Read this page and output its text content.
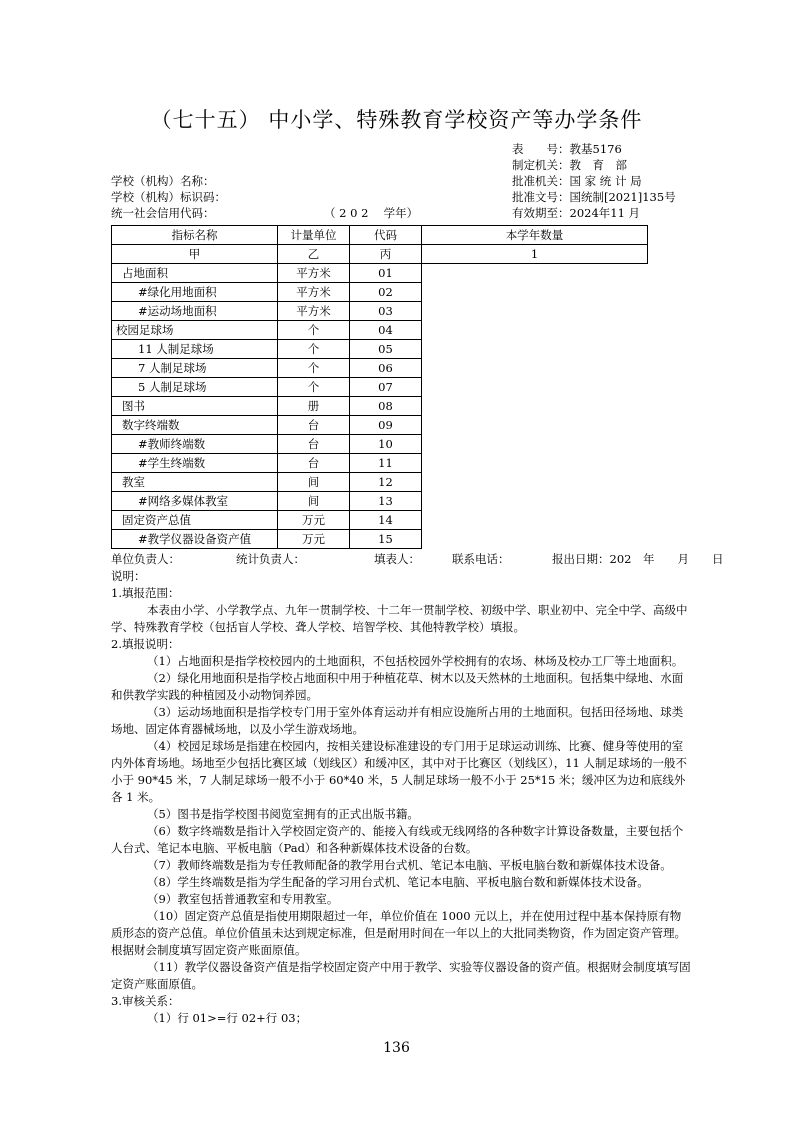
（七十五） 中小学、特殊教育学校资产等办学条件
表　　号：教基5176
制定机关：教　育　部
批准机关：国 家 统 计 局
批准文号：国统制[2021]135号
有效期至：2024年11 月
学校（机构）名称：
学校（机构）标识码：
统一社会信用代码：	（ 2 0 2 　学年）
指标名称	计量单位	代码	本学年数量
甲	乙	丙	1
占地面积	平方米	01	
#绿化用地面积	平方米	02	
#运动场地面积	平方米	03	
校园足球场	个	04	
11 人制足球场	个	05	
7 人制足球场	个	06	
5 人制足球场	个	07	
图书	册	08	
数字终端数	台	09	
#教师终端数	台	10	
#学生终端数	台	11	
教室	间	12	
#网络多媒体教室	间	13	
固定资产总值	万元	14	
#教学仪器设备资产值	万元	15	
单位负责人：	统计负责人：	填表人：	联系电话：	报出日期：202　年　　月　　日

说明：

1.填报范围：

本表由小学、小学教学点、九年一贯制学校、十二年一贯制学校、初级中学、职业初中、完全中学、高级中学、特殊教育学校（包括盲人学校、聋人学校、培智学校、其他特教学校）填报。

2.填报说明：

（1）占地面积是指学校校园内的土地面积，不包括校园外学校拥有的农场、林场及校办工厂等土地面积。

（2）绿化用地面积是指学校占地面积中用于种植花草、树木以及天然林的土地面积。包括集中绿地、水面和供教学实践的种植园及小动物饲养园。

（3）运动场地面积是指学校专门用于室外体育运动并有相应设施所占用的土地面积。包括田径场地、球类场地、固定体育器械场地，以及小学生游戏场地。

（4）校园足球场是指建在校园内，按相关建设标准建设的专门用于足球运动训练、比赛、健身等使用的室内外体育场地。场地至少包括比赛区域（划线区）和缓冲区，其中对于比赛区（划线区），11 人制足球场的一般不小于 90*45 米，7 人制足球场一般不小于 60*40 米，5 人制足球场一般不小于 25*15 米；缓冲区为边和底线外各 1 米。

（5）图书是指学校图书阅览室拥有的正式出版书籍。

（6）数字终端数是指计入学校固定资产的、能接入有线或无线网络的各种数字计算设备数量，主要包括个人台式、笔记本电脑、平板电脑（Pad）和各种新媒体技术设备的台数。

（7）教师终端数是指为专任教师配备的教学用台式机、笔记本电脑、平板电脑台数和新媒体技术设备。

（8）学生终端数是指为学生配备的学习用台式机、笔记本电脑、平板电脑台数和新媒体技术设备。

（9）教室包括普通教室和专用教室。

（10）固定资产总值是指使用期限超过一年，单位价值在 1000 元以上，并在使用过程中基本保持原有物质形态的资产总值。单位价值虽未达到规定标准，但是耐用时间在一年以上的大批同类物资，作为固定资产管理。根据财会制度填写固定资产账面原值。

（11）教学仪器设备资产值是指学校固定资产中用于教学、实验等仪器设备的资产值。根据财会制度填写固定资产账面原值。

3.审核关系：

（1）行 01>=行 02+行 03；

136
